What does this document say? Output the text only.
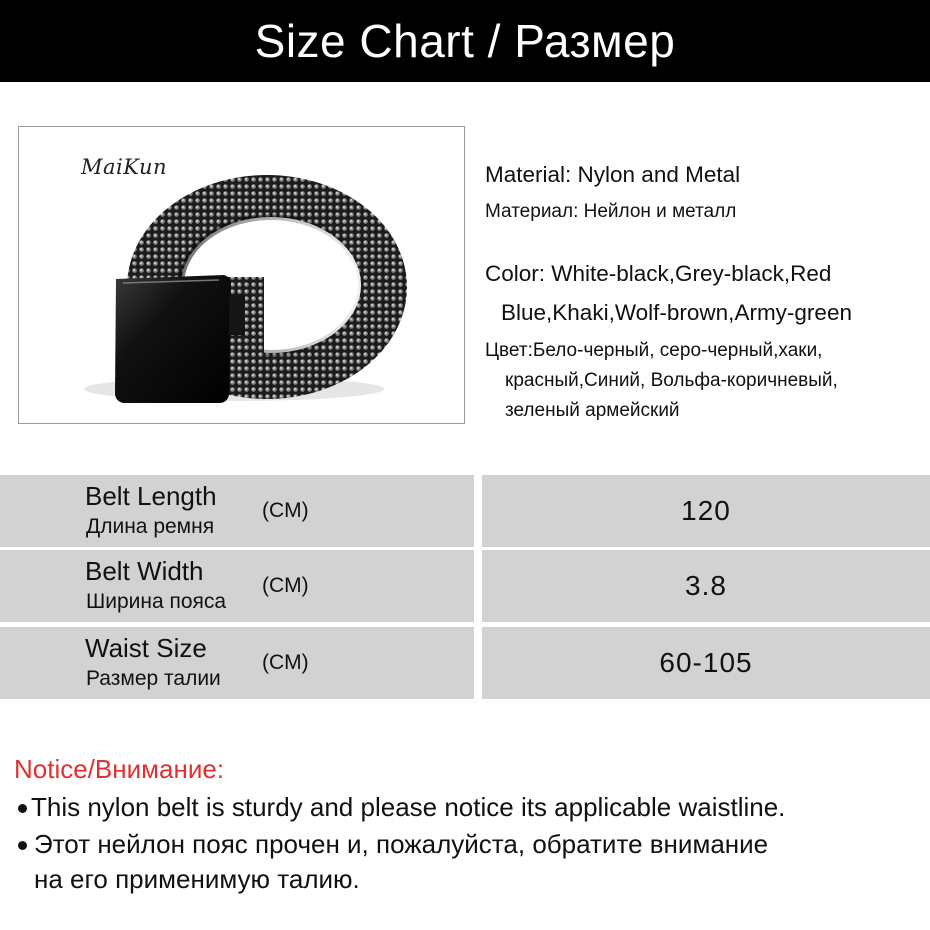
Size Chart / Размер
MaiKun	Material: Nylon and Metal
Материал: Нейлон и металл
Color: White-black,Grey-black,Red
Blue,Khaki,Wolf-brown,Army-green
Цвет:Бело-черный, серо-черный,хаки,
красный,Синий, Вольфа-коричневый,
зеленый армейский
Belt Length
Длина ремня
(CM)	120
Belt Width
Ширина пояса
(CM)	3.8
Waist Size
Размер талии
(CM)	60-105
Notice/Внимание:
This nylon belt is sturdy and please notice its applicable waistline.
Этот нейлон пояс прочен и, пожалуйста, обратите внимание
на его применимую талию.
